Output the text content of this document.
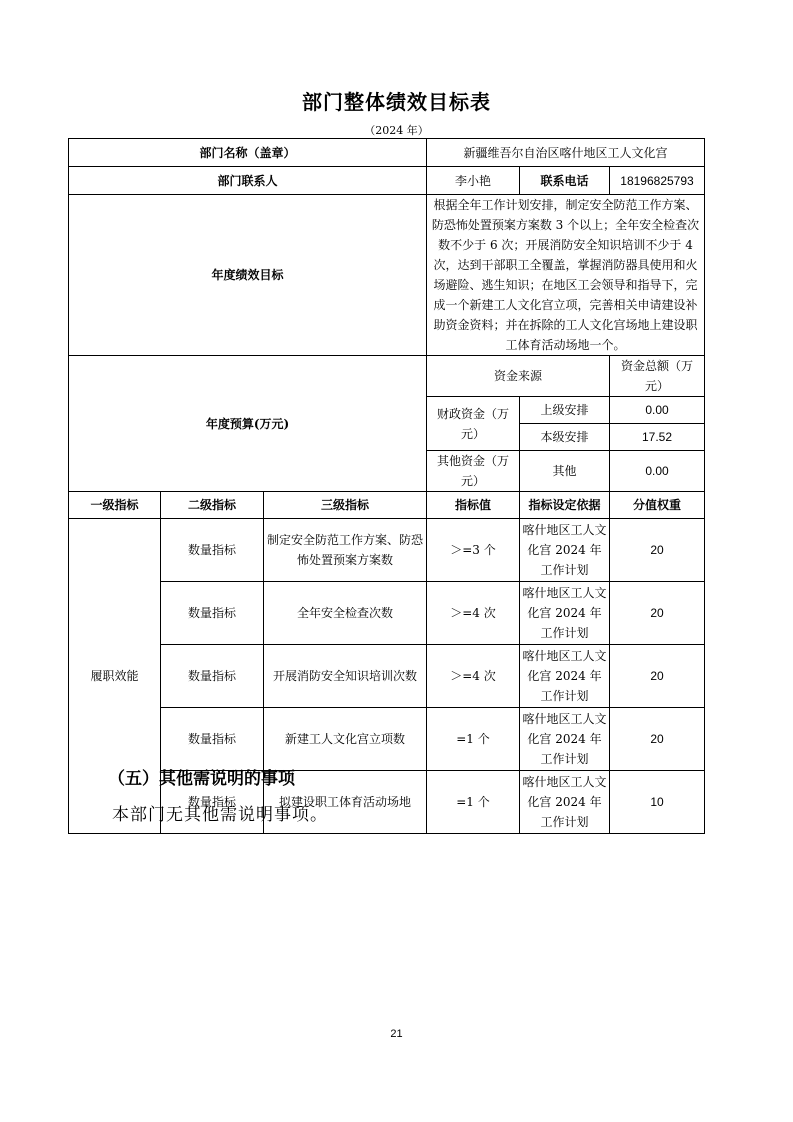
部门整体绩效目标表
（2024 年）
部门名称（盖章）			新疆维吾尔自治区喀什地区工人文化宫		
部门联系人			李小艳	联系电话	18196825793
年度绩效目标			根据全年工作计划安排，制定安全防范工作方案、防恐怖处置预案方案数 3 个以上；全年安全检查次数不少于 6 次；开展消防安全知识培训不少于 4 次，达到干部职工全覆盖，掌握消防器具使用和火场避险、逃生知识；在地区工会领导和指导下，完成一个新建工人文化宫立项，完善相关申请建设补助资金资料；并在拆除的工人文化宫场地上建设职工体育活动场地一个。		
年度预算(万元)			资金来源		资金总额（万元）
			财政资金（万元）	上级安排	0.00
				本级安排	17.52
			其他资金（万元）	其他	0.00
一级指标	二级指标	三级指标	指标值	指标设定依据	分值权重
履职效能	数量指标	制定安全防范工作方案、防恐怖处置预案方案数	＞=3 个	喀什地区工人文化宫 2024 年工作计划	20
	数量指标	全年安全检查次数	＞=4 次	喀什地区工人文化宫 2024 年工作计划	20
	数量指标	开展消防安全知识培训次数	＞=4 次	喀什地区工人文化宫 2024 年工作计划	20
	数量指标	新建工人文化宫立项数	=1 个	喀什地区工人文化宫 2024 年工作计划	20
	数量指标	拟建设职工体育活动场地	=1 个	喀什地区工人文化宫 2024 年工作计划	10
（五）其他需说明的事项
本部门无其他需说明事项。
21
